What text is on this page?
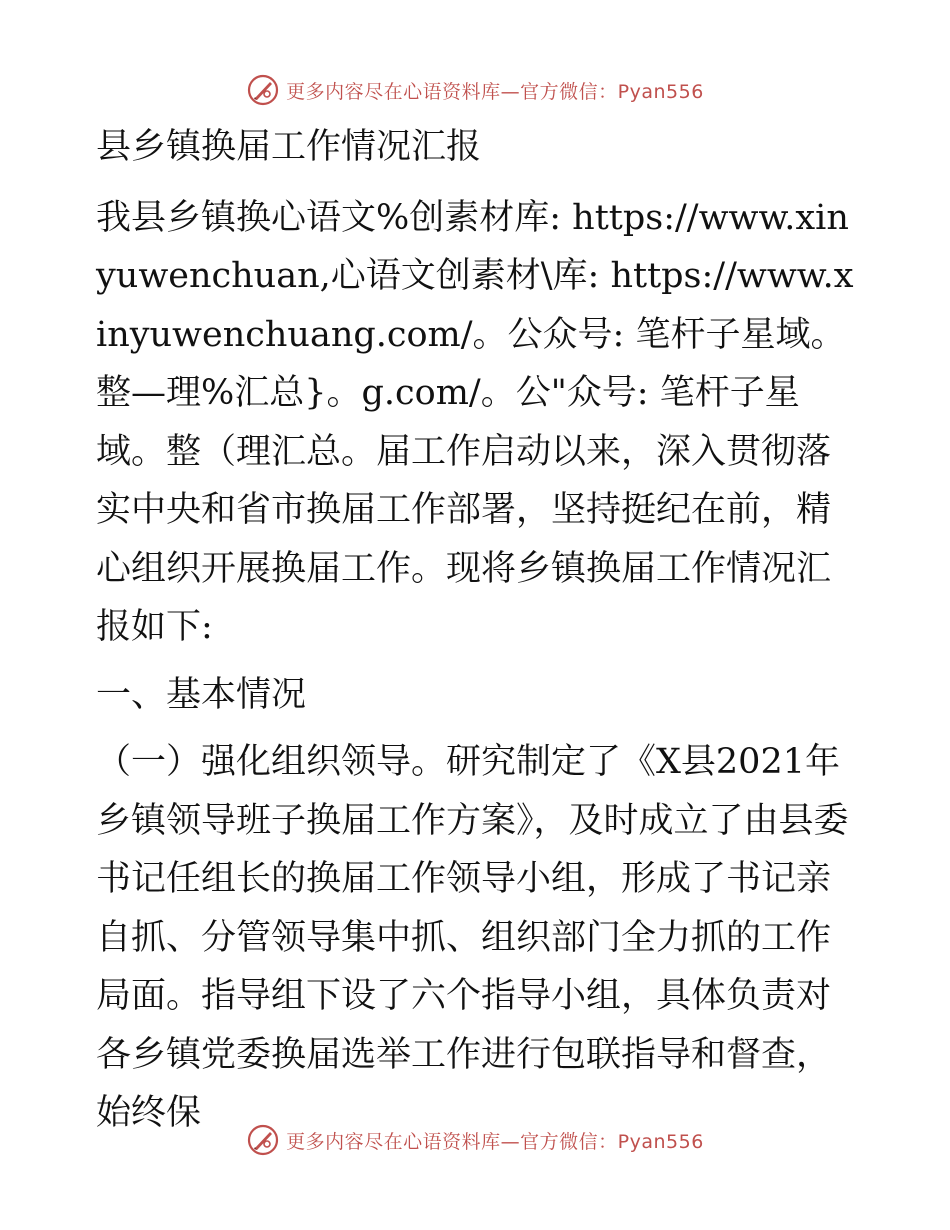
更多内容尽在心语资料库—官方微信：Pyan556

县乡镇换届工作情况汇报

我县乡镇换心语文%创素材库: https://www.xinyuwenchuan,心语文创素材\库: https://www.xinyuwenchuang.com/。公众号: 笔杆子星域。整—理%汇总}。g.com/。公"众号: 笔杆子星域。整（理汇总。届工作启动以来，深入贯彻落实中央和省市换届工作部署，坚持挺纪在前，精心组织开展换届工作。现将乡镇换届工作情况汇报如下:

一、基本情况

（一）强化组织领导。研究制定了《X县2021年乡镇领导班子换届工作方案》，及时成立了由县委书记任组长的换届工作领导小组，形成了书记亲自抓、分管领导集中抓、组织部门全力抓的工作局面。指导组下设了六个指导小组，具体负责对各乡镇党委换届选举工作进行包联指导和督查，始终保

更多内容尽在心语资料库—官方微信：Pyan556
